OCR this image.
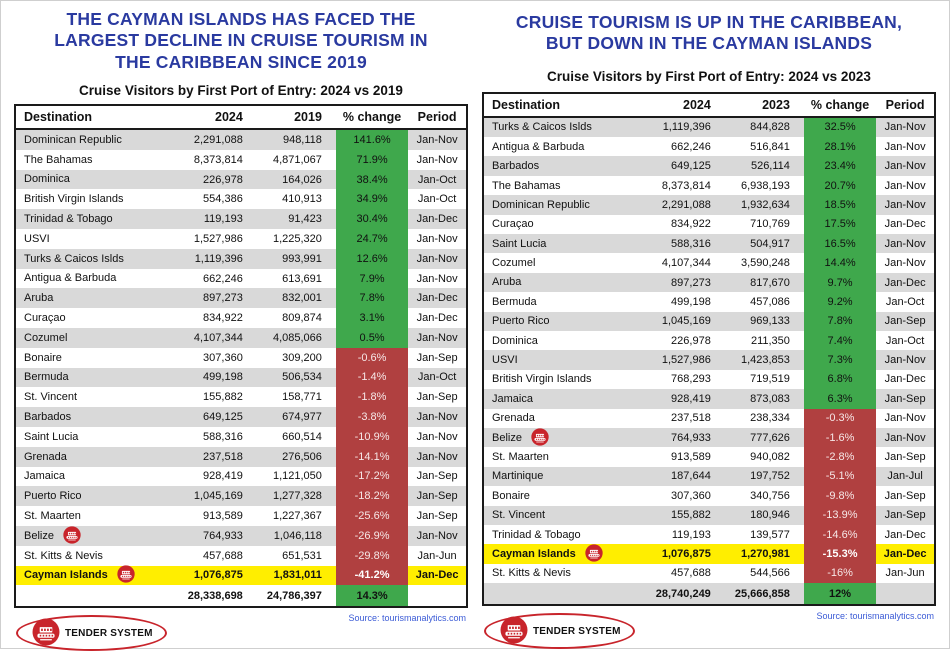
THE CAYMAN ISLANDS HAS FACED THE
LARGEST DECLINE IN CRUISE TOURISM IN
THE CARIBBEAN SINCE 2019
Cruise Visitors by First Port of Entry: 2024 vs 2019
Destination	2024	2019	% change	Period
Dominican Republic	2,291,088	948,118	141.6%	Jan-Nov
The Bahamas	8,373,814	4,871,067	71.9%	Jan-Nov
Dominica	226,978	164,026	38.4%	Jan-Oct
British Virgin Islands	554,386	410,913	34.9%	Jan-Oct
Trinidad & Tobago	119,193	91,423	30.4%	Jan-Dec
USVI	1,527,986	1,225,320	24.7%	Jan-Nov
Turks & Caicos Islds	1,119,396	993,991	12.6%	Jan-Nov
Antigua & Barbuda	662,246	613,691	7.9%	Jan-Nov
Aruba	897,273	832,001	7.8%	Jan-Dec
Curaçao	834,922	809,874	3.1%	Jan-Dec
Cozumel	4,107,344	4,085,066	0.5%	Jan-Nov
Bonaire	307,360	309,200	-0.6%	Jan-Sep
Bermuda	499,198	506,534	-1.4%	Jan-Oct
St. Vincent	155,882	158,771	-1.8%	Jan-Sep
Barbados	649,125	674,977	-3.8%	Jan-Nov
Saint Lucia	588,316	660,514	-10.9%	Jan-Nov
Grenada	237,518	276,506	-14.1%	Jan-Nov
Jamaica	928,419	1,121,050	-17.2%	Jan-Sep
Puerto Rico	1,045,169	1,277,328	-18.2%	Jan-Sep
St. Maarten	913,589	1,227,367	-25.6%	Jan-Sep
Belize	764,933	1,046,118	-26.9%	Jan-Nov
St. Kitts & Nevis	457,688	651,531	-29.8%	Jan-Jun
Cayman Islands	1,076,875	1,831,011	-41.2%	Jan-Dec
	28,338,698	24,786,397	14.3%	
TENDER SYSTEM
Source: tourismanalytics.com
CRUISE TOURISM IS UP IN THE CARIBBEAN,
BUT DOWN IN THE CAYMAN ISLANDS
Cruise Visitors by First Port of Entry: 2024 vs 2023
Destination	2024	2023	% change	Period
Turks & Caicos Islds	1,119,396	844,828	32.5%	Jan-Nov
Antigua & Barbuda	662,246	516,841	28.1%	Jan-Nov
Barbados	649,125	526,114	23.4%	Jan-Nov
The Bahamas	8,373,814	6,938,193	20.7%	Jan-Nov
Dominican Republic	2,291,088	1,932,634	18.5%	Jan-Nov
Curaçao	834,922	710,769	17.5%	Jan-Dec
Saint Lucia	588,316	504,917	16.5%	Jan-Nov
Cozumel	4,107,344	3,590,248	14.4%	Jan-Nov
Aruba	897,273	817,670	9.7%	Jan-Dec
Bermuda	499,198	457,086	9.2%	Jan-Oct
Puerto Rico	1,045,169	969,133	7.8%	Jan-Sep
Dominica	226,978	211,350	7.4%	Jan-Oct
USVI	1,527,986	1,423,853	7.3%	Jan-Nov
British Virgin Islands	768,293	719,519	6.8%	Jan-Dec
Jamaica	928,419	873,083	6.3%	Jan-Sep
Grenada	237,518	238,334	-0.3%	Jan-Nov
Belize	764,933	777,626	-1.6%	Jan-Nov
St. Maarten	913,589	940,082	-2.8%	Jan-Sep
Martinique	187,644	197,752	-5.1%	Jan-Jul
Bonaire	307,360	340,756	-9.8%	Jan-Sep
St. Vincent	155,882	180,946	-13.9%	Jan-Sep
Trinidad & Tobago	119,193	139,577	-14.6%	Jan-Dec
Cayman Islands	1,076,875	1,270,981	-15.3%	Jan-Dec
St. Kitts & Nevis	457,688	544,566	-16%	Jan-Jun
	28,740,249	25,666,858	12%	
TENDER SYSTEM
Source: tourismanalytics.com
